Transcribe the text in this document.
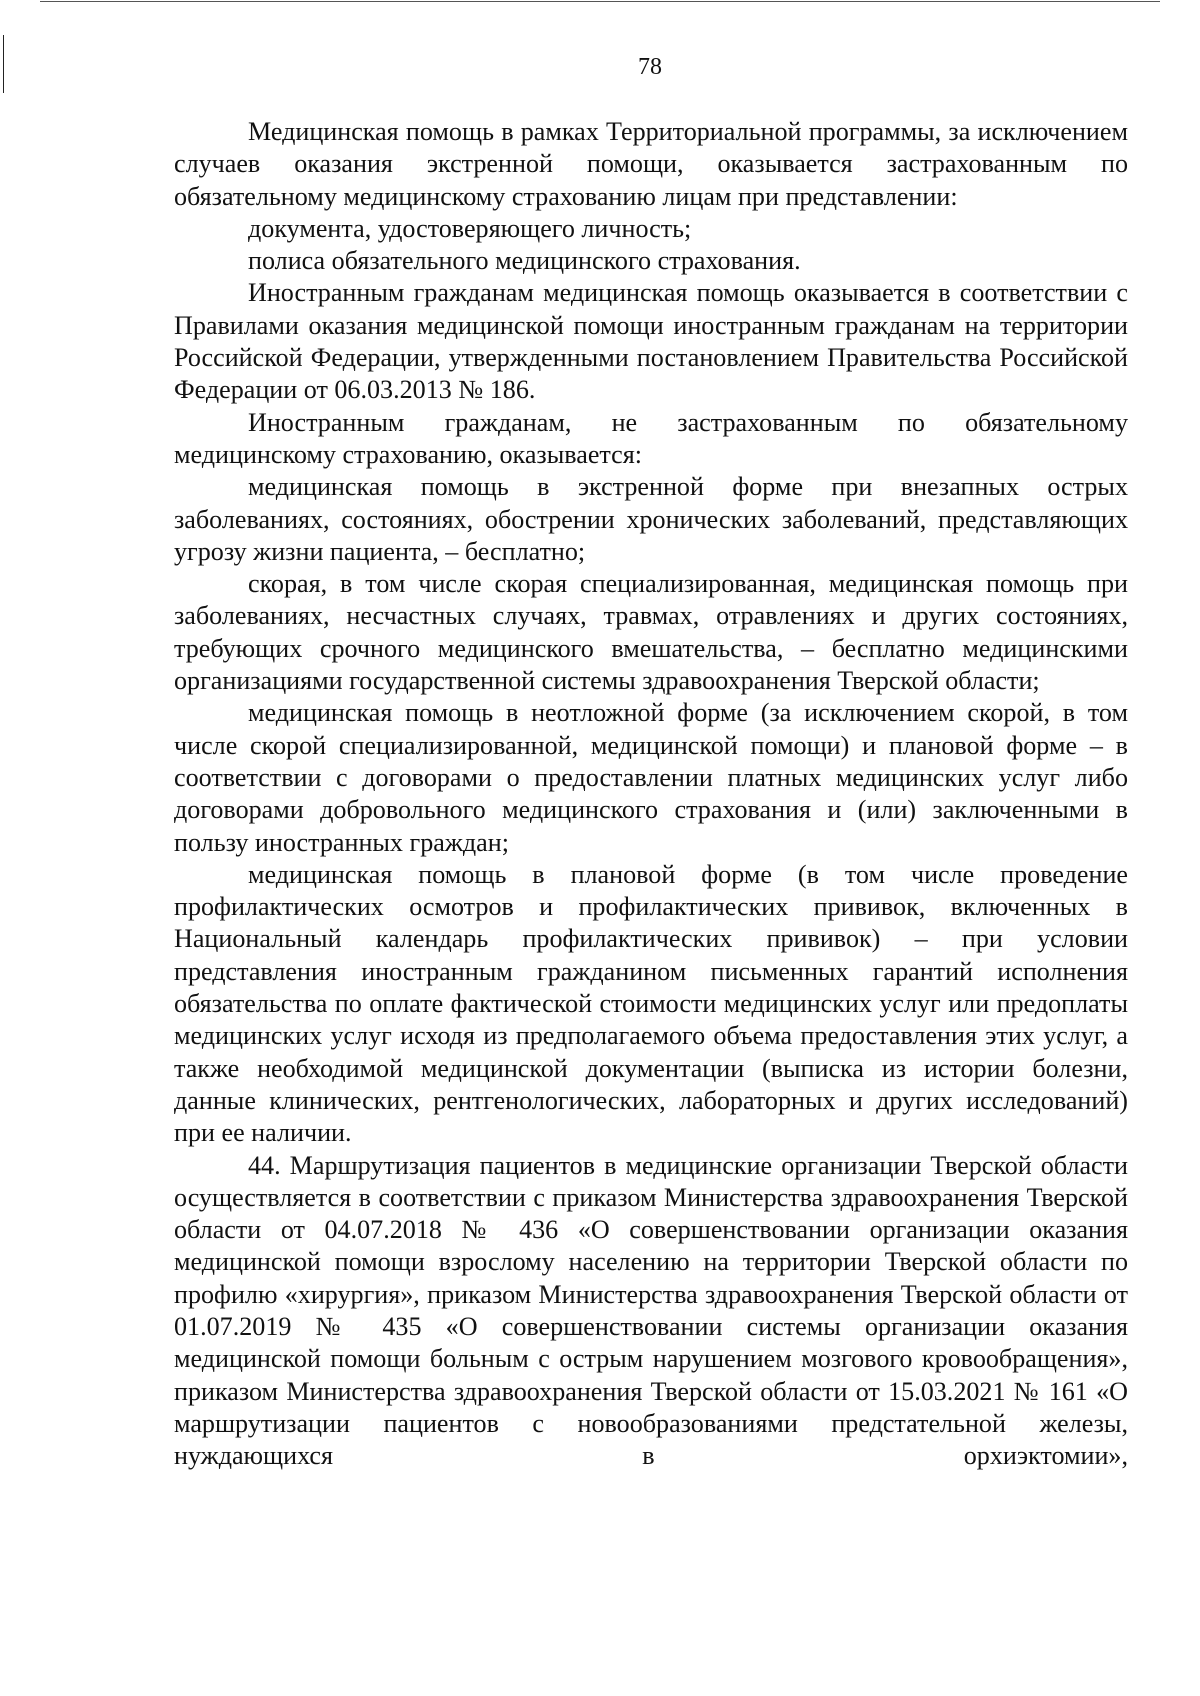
78

Медицинская помощь в рамках Территориальной программы, за исключением случаев оказания экстренной помощи, оказывается застрахованным по обязательному медицинскому страхованию лицам при представлении:

документа, удостоверяющего личность;

полиса обязательного медицинского страхования.

Иностранным гражданам медицинская помощь оказывается в соответствии с Правилами оказания медицинской помощи иностранным гражданам на территории Российской Федерации, утвержденными постановлением Правительства Российской Федерации от 06.03.2013 № 186.

Иностранным гражданам, не застрахованным по обязательному медицинскому страхованию, оказывается:

медицинская помощь в экстренной форме при внезапных острых заболеваниях, состояниях, обострении хронических заболеваний, представляющих угрозу жизни пациента, – бесплатно;

скорая, в том числе скорая специализированная, медицинская помощь при заболеваниях, несчастных случаях, травмах, отравлениях и других состояниях, требующих срочного медицинского вмешательства, – бесплатно медицинскими организациями государственной системы здравоохранения Тверской области;

медицинская помощь в неотложной форме (за исключением скорой, в том числе скорой специализированной, медицинской помощи) и плановой форме – в соответствии с договорами о предоставлении платных медицинских услуг либо договорами добровольного медицинского страхования и (или) заключенными в пользу иностранных граждан;

медицинская помощь в плановой форме (в том числе проведение профилактических осмотров и профилактических прививок, включенных в Национальный календарь профилактических прививок) – при условии представления иностранным гражданином письменных гарантий исполнения обязательства по оплате фактической стоимости медицинских услуг или предоплаты медицинских услуг исходя из предполагаемого объема предоставления этих услуг, а также необходимой медицинской документации (выписка из истории болезни, данные клинических, рентгенологических, лабораторных и других исследований) при ее наличии.

44. Маршрутизация пациентов в медицинские организации Тверской области осуществляется в соответствии с приказом Министерства здравоохранения Тверской области от 04.07.2018 № 436 «О совершенствовании организации оказания медицинской помощи взрослому населению на территории Тверской области по профилю «хирургия», приказом Министерства здравоохранения Тверской области от 01.07.2019 № 435 «О совершенствовании системы организации оказания медицинской помощи больным с острым нарушением мозгового кровообращения», приказом Министерства здравоохранения Тверской области от 15.03.2021 № 161 «О маршрутизации пациентов с новообразованиями предстательной железы, нуждающихся в орхиэктомии»,
